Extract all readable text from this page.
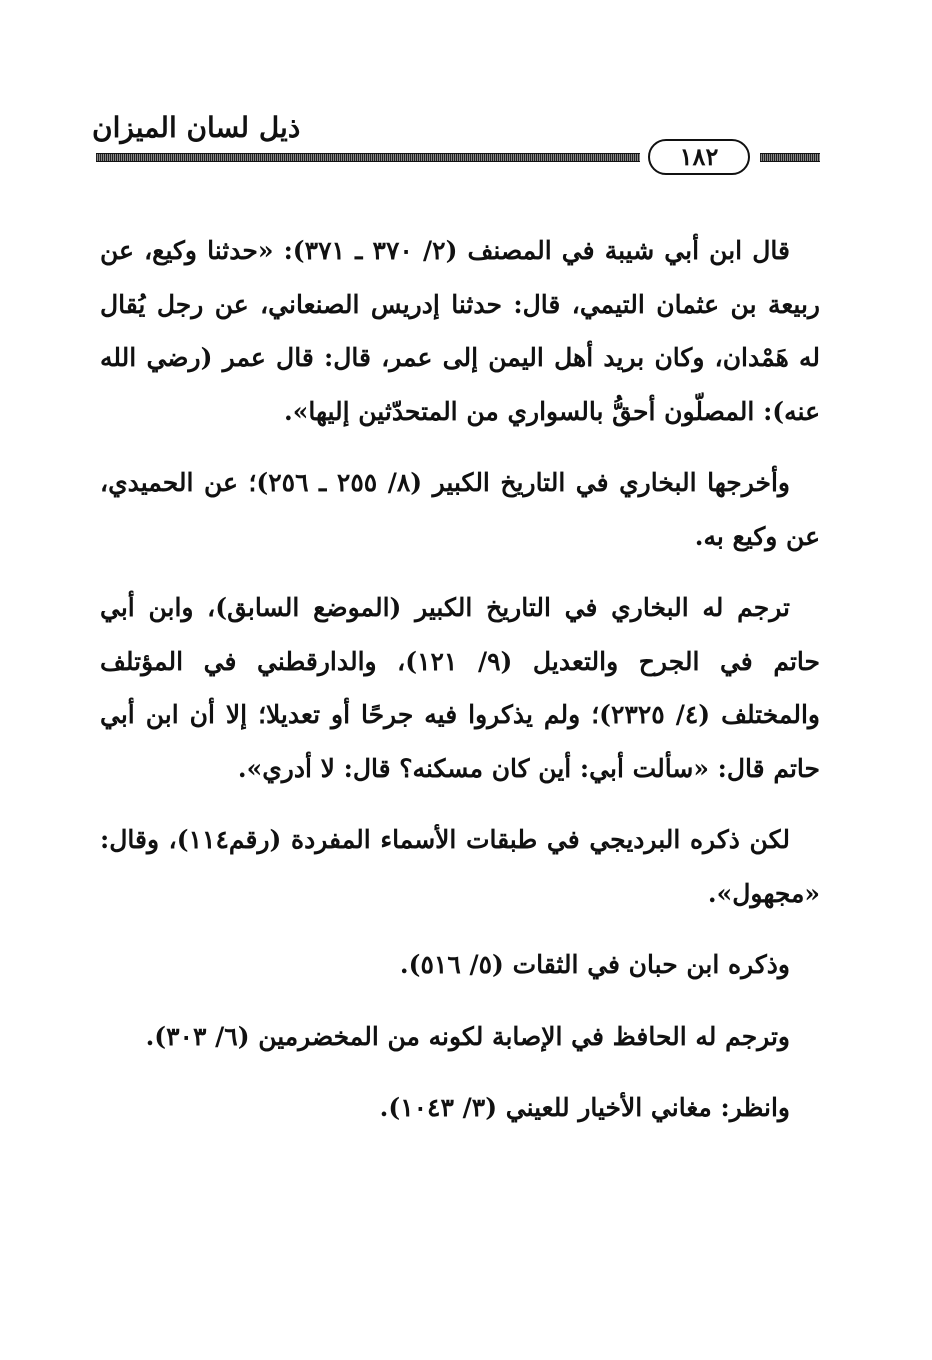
ذيل لسان الميزان
١٨٢

قال ابن أبي شيبة في المصنف (٢/ ٣٧٠ ـ ٣٧١): «حدثنا وكيع، عن ربيعة بن عثمان التيمي، قال: حدثنا إدريس الصنعاني، عن رجل يُقال له هَمْدان، وكان بريد أهل اليمن إلى عمر، قال: قال عمر (رضي الله عنه): المصلّون أحقُّ بالسواري من المتحدّثين إليها».

وأخرجها البخاري في التاريخ الكبير (٨/ ٢٥٥ ـ ٢٥٦)؛ عن الحميدي، عن وكيع به.

ترجم له البخاري في التاريخ الكبير (الموضع السابق)، وابن أبي حاتم في الجرح والتعديل (٩/ ١٢١)، والدارقطني في المؤتلف والمختلف (٤/ ٢٣٢٥)؛ ولم يذكروا فيه جرحًا أو تعديلا؛ إلا أن ابن أبي حاتم قال: «سألت أبي: أين كان مسكنه؟ قال: لا أدري».

لكن ذكره البرديجي في طبقات الأسماء المفردة (رقم١١٤)، وقال: «مجهول».

وذكره ابن حبان في الثقات (٥/ ٥١٦).

وترجم له الحافظ في الإصابة لكونه من المخضرمين (٦/ ٣٠٣).

وانظر: مغاني الأخيار للعيني (٣/ ١٠٤٣).
